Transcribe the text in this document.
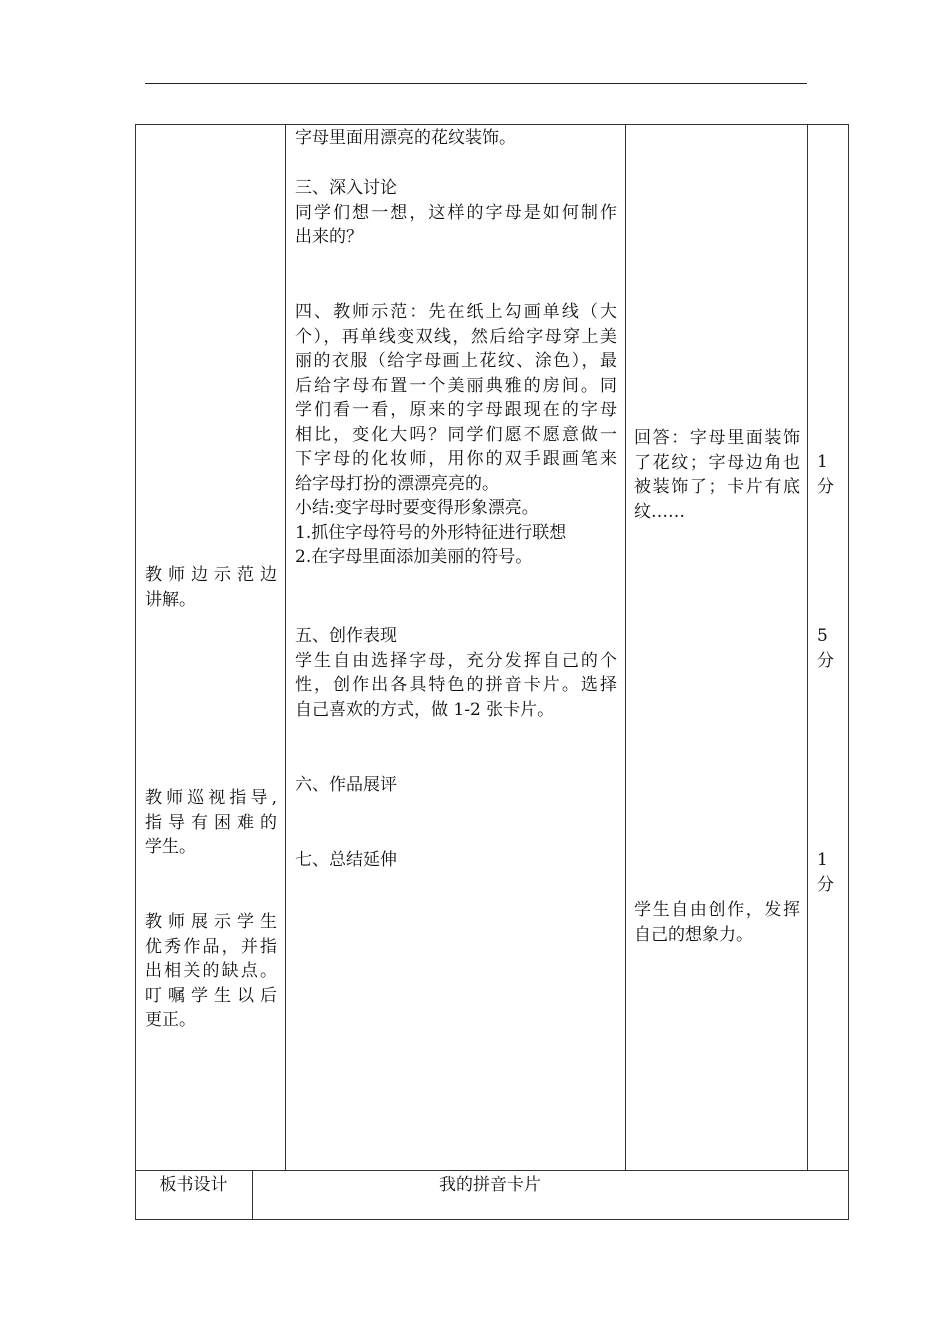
教师边示范边
讲解。
教师巡视指导,
指导有困难的
学生。
教师展示学生
优秀作品，并指
出相关的缺点。
叮嘱学生以后
更正。
字母里面用漂亮的花纹装饰。
三、深入讨论
同学们想一想，这样的字母是如何制作
出来的？
四、教师示范：先在纸上勾画单线（大
个），再单线变双线，然后给字母穿上美
丽的衣服（给字母画上花纹、涂色），最
后给字母布置一个美丽典雅的房间。同
学们看一看，原来的字母跟现在的字母
相比，变化大吗？同学们愿不愿意做一
下字母的化妆师，用你的双手跟画笔来
给字母打扮的漂漂亮亮的。
小结:变字母时要变得形象漂亮。
1.抓住字母符号的外形特征进行联想
2.在字母里面添加美丽的符号。
五、创作表现
学生自由选择字母，充分发挥自己的个
性，创作出各具特色的拼音卡片。选择
自己喜欢的方式，做 1-2 张卡片。
六、作品展评
七、总结延伸
回答：字母里面装饰
了花纹；字母边角也
被装饰了；卡片有底
纹……
学生自由创作，发挥
自己的想象力。
1
分
5
分
1
分
板书设计	我的拼音卡片
